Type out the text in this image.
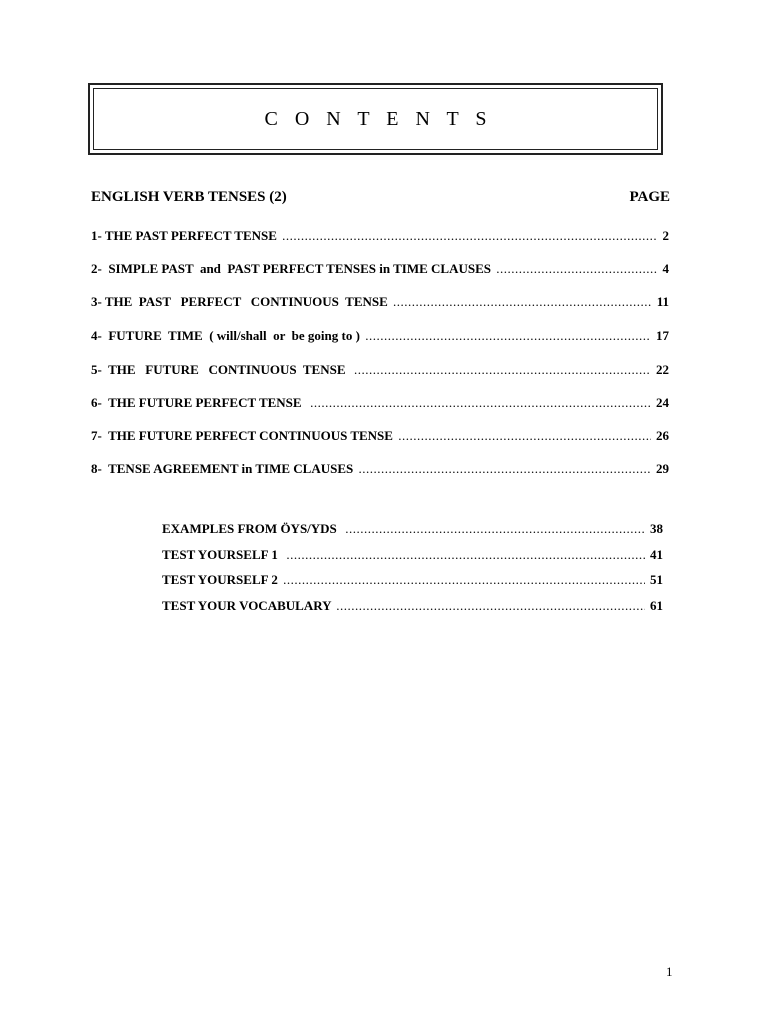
C O N T E N T S
ENGLISH VERB TENSES (2)	PAGE
1- THE PAST PERFECT TENSE .....	2
2-  SIMPLE PAST  and  PAST PERFECT TENSES in TIME CLAUSES .....	4
3- THE  PAST   PERFECT   CONTINUOUS  TENSE .....	11
4-  FUTURE  TIME  ( will/shall  or  be going to ) .....	17
5-  THE   FUTURE   CONTINUOUS  TENSE .....	22
6-  THE FUTURE PERFECT TENSE .....	24
7-  THE FUTURE PERFECT CONTINUOUS TENSE .....	26
8-  TENSE AGREEMENT in TIME CLAUSES .....	29
EXAMPLES FROM ÖYS/YDS .....	38
TEST YOURSELF 1 .....	41
TEST YOURSELF 2 .....	51
TEST YOUR VOCABULARY .....	61
1
